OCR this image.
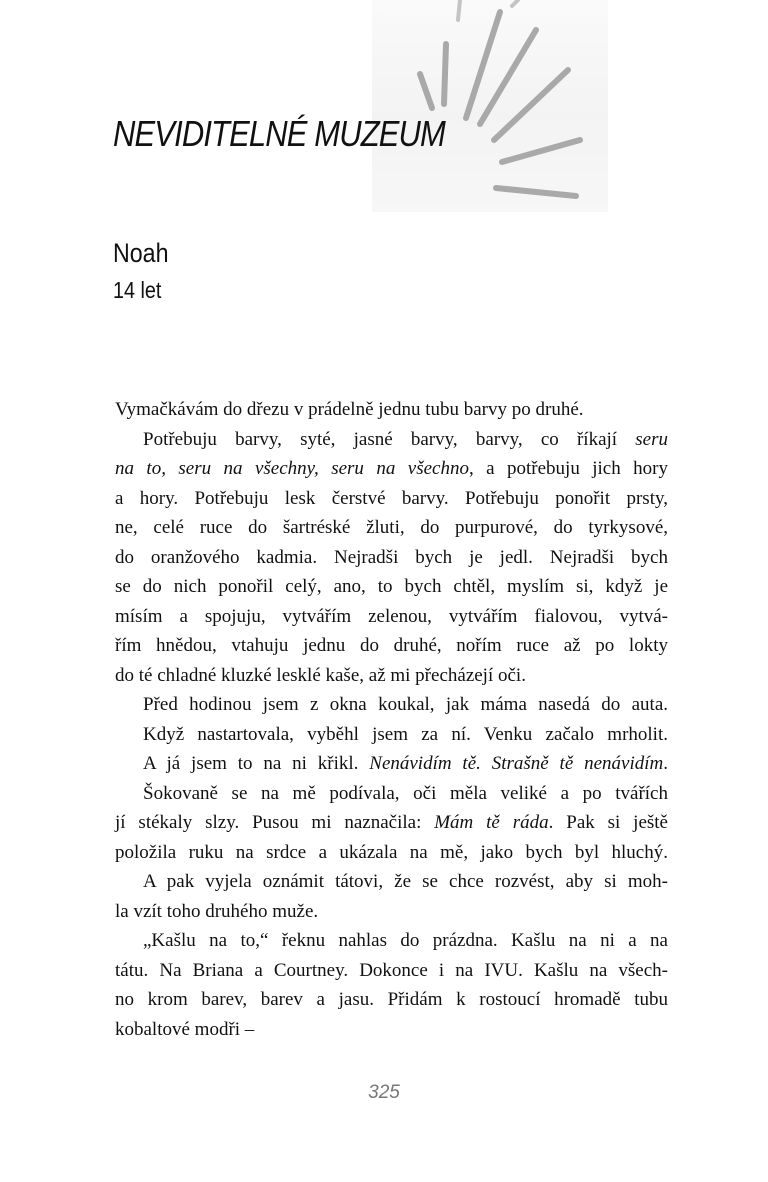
NEVIDITELNÉ MUZEUM
Noah
14 let
Vymačkávám do dřezu v prádelně jednu tubu barvy po druhé.
Potřebuju barvy, syté, jasné barvy, barvy, co říkají seru
na to, seru na všechny, seru na všechno, a potřebuju jich hory
a hory. Potřebuju lesk čerstvé barvy. Potřebuju ponořit prsty,
ne, celé ruce do šartréské žluti, do purpurové, do tyrkysové,
do oranžového kadmia. Nejradši bych je jedl. Nejradši bych
se do nich ponořil celý, ano, to bych chtěl, myslím si, když je
mísím a spojuju, vytvářím zelenou, vytvářím fialovou, vytvá-
řím hnědou, vtahuju jednu do druhé, nořím ruce až po lokty
do té chladné kluzké lesklé kaše, až mi přecházejí oči.
Před hodinou jsem z okna koukal, jak máma nasedá do auta.
Když nastartovala, vyběhl jsem za ní. Venku začalo mrholit.
A já jsem to na ni křikl. Nenávidím tě. Strašně tě nenávidím.
Šokovaně se na mě podívala, oči měla veliké a po tvářích
jí stékaly slzy. Pusou mi naznačila: Mám tě ráda. Pak si ještě
položila ruku na srdce a ukázala na mě, jako bych byl hluchý.
A pak vyjela oznámit tátovi, že se chce rozvést, aby si moh-
la vzít toho druhého muže.
„Kašlu na to,“ řeknu nahlas do prázdna. Kašlu na ni a na
tátu. Na Briana a Courtney. Dokonce i na IVU. Kašlu na všech-
no krom barev, barev a jasu. Přidám k rostoucí hromadě tubu
kobaltové modři –
325
